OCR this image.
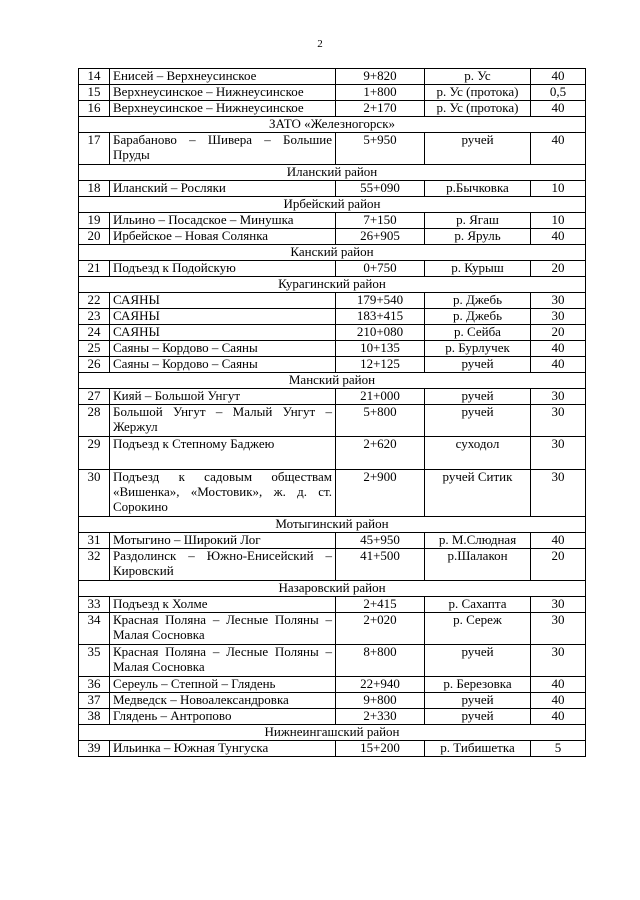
2
14	Енисей – Верхнеусинское	9+820	р. Ус	40
15	Верхнеусинское – Нижнеусинское	1+800	р. Ус (протока)	0,5
16	Верхнеусинское – Нижнеусинское	2+170	р. Ус (протока)	40
ЗАТО «Железногорск»				
17	Барабаново – Шивера – Большие Пруды	5+950	ручей	40
Иланский район				
18	Иланский – Росляки	55+090	р.Бычковка	10
Ирбейский район				
19	Ильино – Посадское – Минушка	7+150	р. Ягаш	10
20	Ирбейское – Новая Солянка	26+905	р. Яруль	40
Канский район				
21	Подъезд к Подойскую	0+750	р. Курыш	20
Курагинский район				
22	САЯНЫ	179+540	р. Джебь	30
23	САЯНЫ	183+415	р. Джебь	30
24	САЯНЫ	210+080	р. Сейба	20
25	Саяны – Кордово – Саяны	10+135	р. Бурлучек	40
26	Саяны – Кордово – Саяны	12+125	ручей	40
Манский район				
27	Кияй – Большой Унгут	21+000	ручей	30
28	Большой Унгут – Малый Унгут – Жержул	5+800	ручей	30
29	Подъезд к Степному Баджею	2+620	суходол	30
30	Подъезд к садовым обществам «Вишенка», «Мостовик», ж. д. ст. Сорокино	2+900	ручей Ситик	30
Мотыгинский район				
31	Мотыгино – Широкий Лог	45+950	р. М.Слюдная	40
32	Раздолинск – Южно-Енисейский – Кировский	41+500	р.Шалакон	20
Назаровский район				
33	Подъезд к Холме	2+415	р. Сахапта	30
34	Красная Поляна – Лесные Поляны – Малая Сосновка	2+020	р. Сереж	30
35	Красная Поляна – Лесные Поляны – Малая Сосновка	8+800	ручей	30
36	Сереуль – Степной – Глядень	22+940	р. Березовка	40
37	Медведск – Новоалександровка	9+800	ручей	40
38	Глядень – Антропово	2+330	ручей	40
Нижнеингашский район				
39	Ильинка – Южная Тунгуска	15+200	р. Тибишетка	5
